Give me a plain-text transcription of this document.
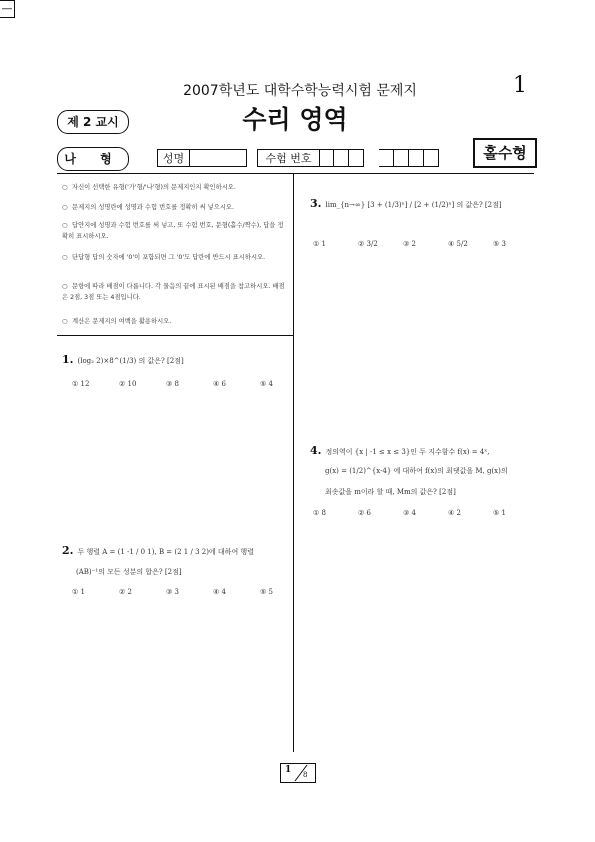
2007학년도 대학수학능력시험 문제지	1
제 2 교시	수리 영역
나 형	성명	수험 번호
—
홀수형
○ 자신이 선택한 유형('가'형/'나'형)의 문제지인지 확인하시오.
○ 문제지의 성명란에 성명과 수험 번호를 정확히 써 넣으시오.
○ 답안지에 성명과 수험 번호를 써 넣고, 또 수험 번호, 문형(홀수/짝수), 답을 정확히 표시하시오.
○ 단답형 답의 숫자에 '0'이 포함되면 그 '0'도 답란에 반드시 표시하시오.
○ 문항에 따라 배점이 다릅니다. 각 물음의 끝에 표시된 배점을 참고하시오. 배점은 2점, 3점 또는 4점입니다.
○ 계산은 문제지의 여백을 활용하시오.
1. (log₂ 2)×8^(1/3) 의 값은? [2점]
① 12	② 10	③ 8	④ 6	⑤ 4
2. 두 행렬 A = (1 -1 / 0 1), B = (2 1 / 3 2)에 대하여 행렬
(AB)⁻¹의 모든 성분의 합은? [2점]
① 1	② 2	③ 3	④ 4	⑤ 5
3. lim_{n→∞} [3 + (1/3)ⁿ] / [2 + (1/2)ⁿ] 의 값은? [2점]
① 1	② 3/2	③ 2	④ 5/2	⑤ 3
4. 정의역이 {x | -1 ≤ x ≤ 3}인 두 지수함수 f(x) = 4ˣ,
g(x) = (1/2)^{x-4} 에 대하여 f(x)의 최댓값을 M, g(x)의
최솟값을 m이라 할 때, Mm의 값은? [2점]
① 8	② 6	③ 4	④ 2	⑤ 1
1 8
